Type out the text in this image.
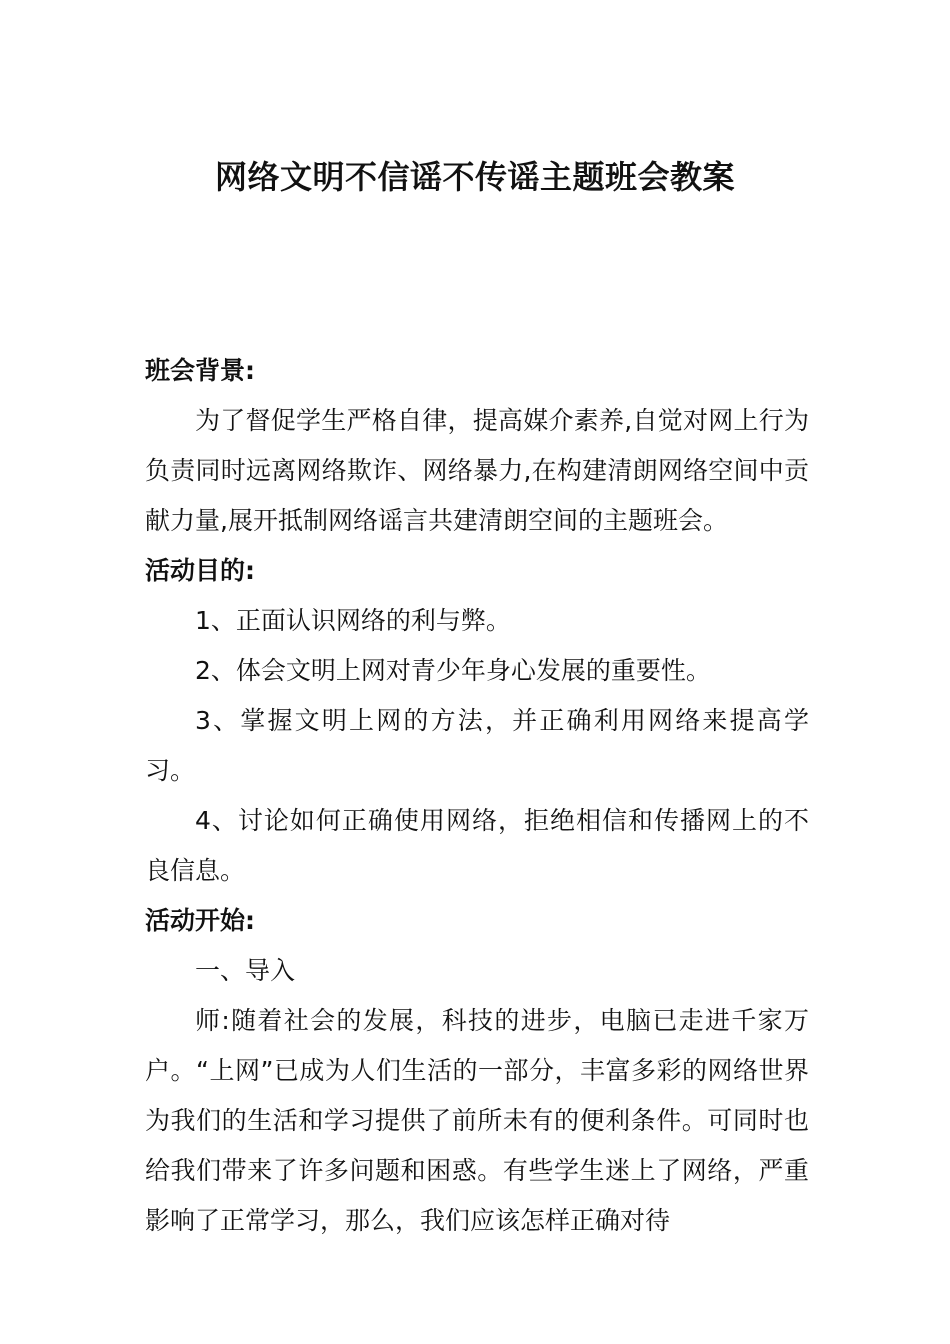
网络文明不信谣不传谣主题班会教案

班会背景:

为了督促学生严格自律，提高媒介素养,自觉对网上行为负责同时远离网络欺诈、网络暴力,在构建清朗网络空间中贡献力量,展开抵制网络谣言共建清朗空间的主题班会。

活动目的:

1、正面认识网络的利与弊。

2、体会文明上网对青少年身心发展的重要性。

3、掌握文明上网的方法，并正确利用网络来提高学习。

4、讨论如何正确使用网络，拒绝相信和传播网上的不良信息。

活动开始:

一、导入

师:随着社会的发展，科技的进步，电脑已走进千家万户。“上网”已成为人们生活的一部分，丰富多彩的网络世界为我们的生活和学习提供了前所未有的便利条件。可同时也给我们带来了许多问题和困惑。有些学生迷上了网络，严重影响了正常学习，那么，我们应该怎样正确对待
